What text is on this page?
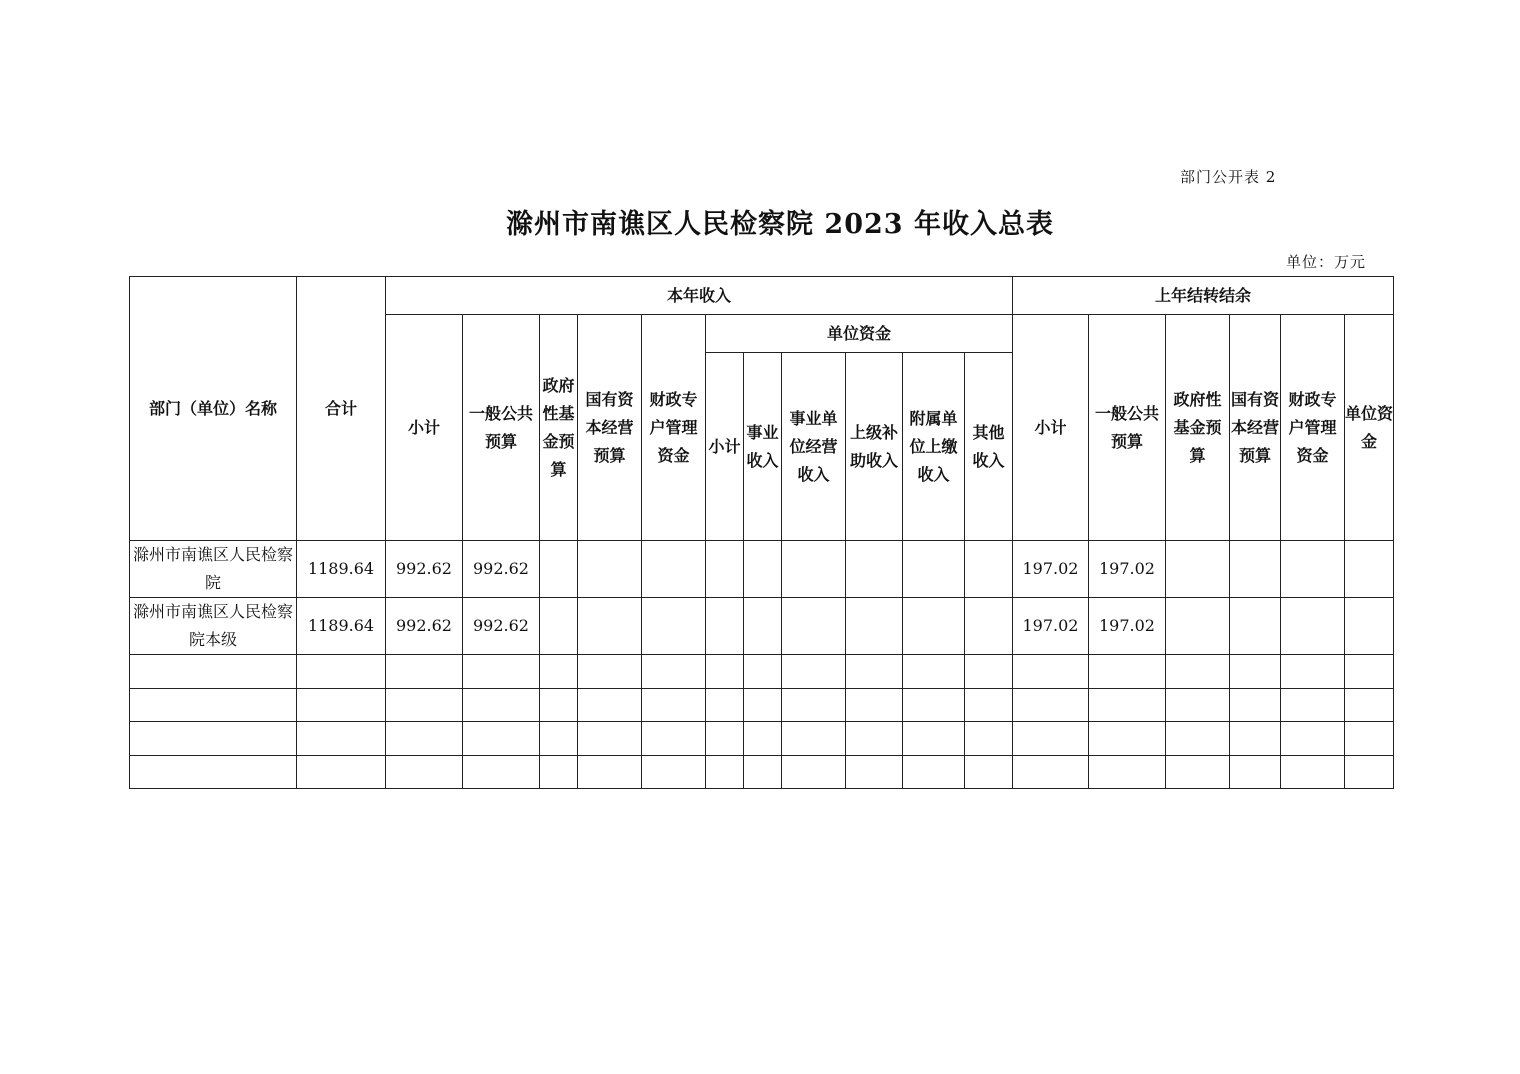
部门公开表 2
滁州市南谯区人民检察院 2023 年收入总表
单位：万元
部门（单位）名称	合计	本年收入											上年结转结余					
		小计	一般公共预算	政府性基金预算	国有资本经营预算	财政专户管理资金	单位资金						小计	一般公共预算	政府性基金预算	国有资本经营预算	财政专户管理资金	单位资金
							小计	事业收入	事业单位经营收入	上级补助收入	附属单位上缴收入	其他收入						
滁州市南谯区人民检察院	1189.64	992.62	992.62										197.02	197.02				
滁州市南谯区人民检察院本级	1189.64	992.62	992.62										197.02	197.02				
